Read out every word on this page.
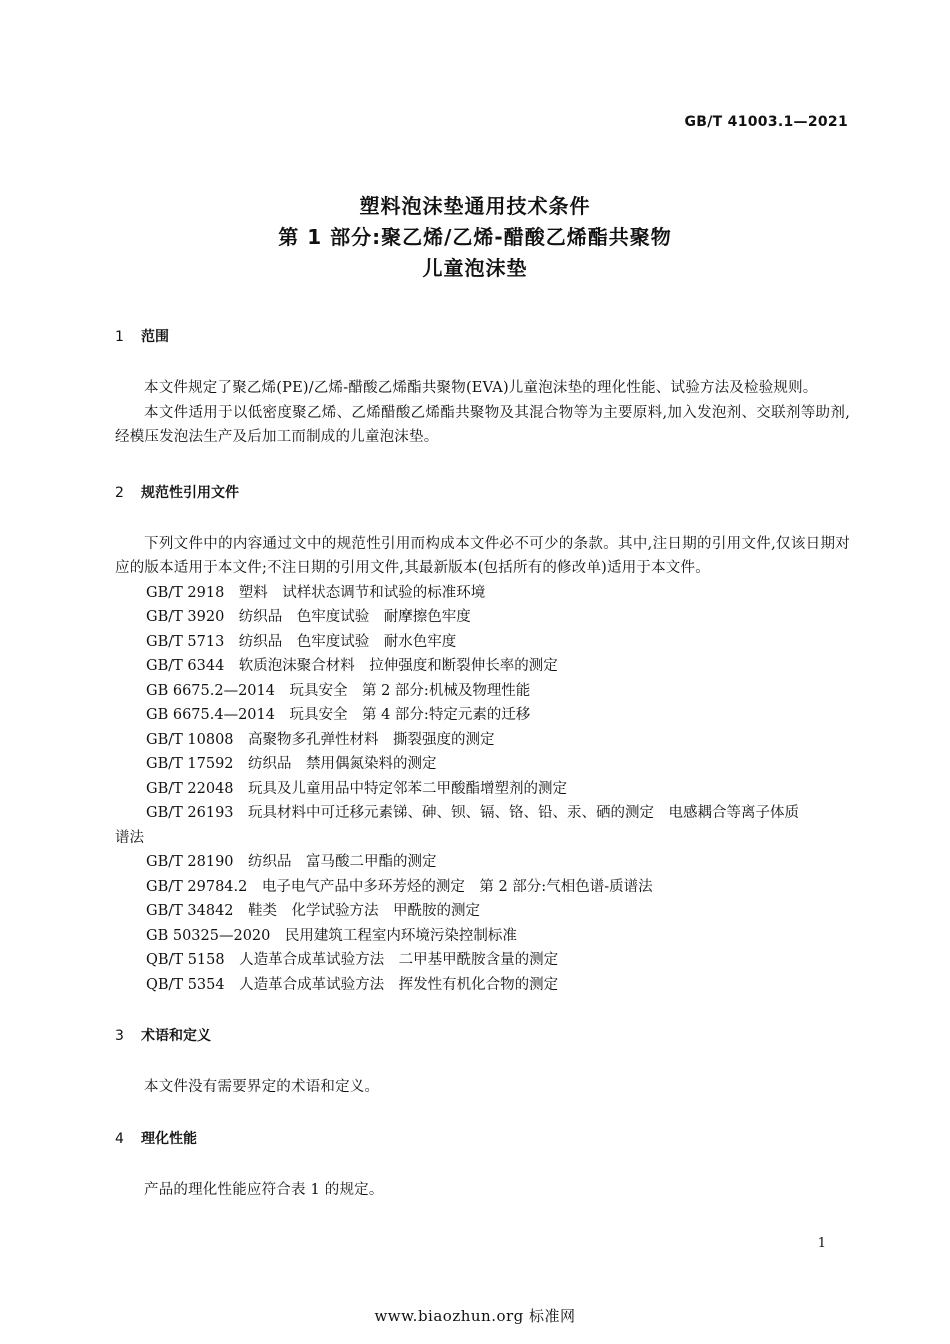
GB/T 41003.1—2021
塑料泡沫垫通用技术条件
第 1 部分:聚乙烯/乙烯-醋酸乙烯酯共聚物
儿童泡沫垫
1 范围
本文件规定了聚乙烯(PE)/乙烯-醋酸乙烯酯共聚物(EVA)儿童泡沫垫的理化性能、试验方法及检验规则。
本文件适用于以低密度聚乙烯、乙烯醋酸乙烯酯共聚物及其混合物等为主要原料,加入发泡剂、交联剂等助剂,经模压发泡法生产及后加工而制成的儿童泡沫垫。
2 规范性引用文件
下列文件中的内容通过文中的规范性引用而构成本文件必不可少的条款。其中,注日期的引用文件,仅该日期对应的版本适用于本文件;不注日期的引用文件,其最新版本(包括所有的修改单)适用于本文件。
GB/T 2918　塑料　试样状态调节和试验的标准环境
GB/T 3920　纺织品　色牢度试验　耐摩擦色牢度
GB/T 5713　纺织品　色牢度试验　耐水色牢度
GB/T 6344　软质泡沫聚合材料　拉伸强度和断裂伸长率的测定
GB 6675.2—2014　玩具安全　第 2 部分:机械及物理性能
GB 6675.4—2014　玩具安全　第 4 部分:特定元素的迁移
GB/T 10808　高聚物多孔弹性材料　撕裂强度的测定
GB/T 17592　纺织品　禁用偶氮染料的测定
GB/T 22048　玩具及儿童用品中特定邻苯二甲酸酯增塑剂的测定
GB/T 26193　玩具材料中可迁移元素锑、砷、钡、镉、铬、铅、汞、硒的测定　电感耦合等离子体质
谱法
GB/T 28190　纺织品　富马酸二甲酯的测定
GB/T 29784.2　电子电气产品中多环芳烃的测定　第 2 部分:气相色谱-质谱法
GB/T 34842　鞋类　化学试验方法　甲酰胺的测定
GB 50325—2020　民用建筑工程室内环境污染控制标准
QB/T 5158　人造革合成革试验方法　二甲基甲酰胺含量的测定
QB/T 5354　人造革合成革试验方法　挥发性有机化合物的测定
3 术语和定义
本文件没有需要界定的术语和定义。
4 理化性能
产品的理化性能应符合表 1 的规定。
1
www.biaozhun.org 标准网
